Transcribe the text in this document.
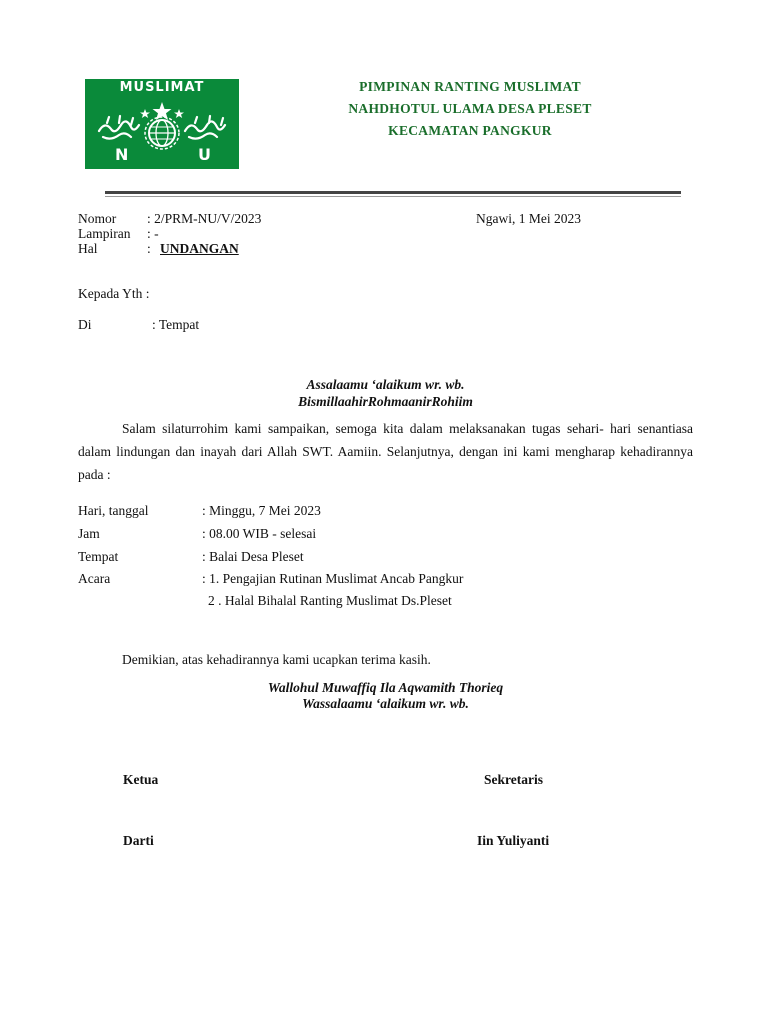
MUSLIMAT
N	U
PIMPINAN RANTING MUSLIMAT
NAHDHOTUL ULAMA DESA PLESET
KECAMATAN PANGKUR
Nomor : 2/PRM-NU/V/2023	Ngawi, 1 Mei 2023
Lampiran : -
Hal	: UNDANGAN
Kepada Yth :
Di	: Tempat
Assalaamu ‘alaikum wr. wb.
BismillaahirRohmaanirRohiim
Salam silaturrohim kami sampaikan, semoga kita dalam melaksanakan tugas sehari- hari senantiasa dalam lindungan dan inayah dari Allah SWT. Aamiin. Selanjutnya, dengan ini kami mengharap kehadirannya pada :
Hari, tanggal	: Minggu, 7 Mei 2023
Jam	: 08.00 WIB - selesai
Tempat	: Balai Desa Pleset
Acara	: 1. Pengajian Rutinan Muslimat Ancab Pangkur
2 . Halal Bihalal Ranting Muslimat Ds.Pleset
Demikian, atas kehadirannya kami ucapkan terima kasih.
Wallohul Muwaffiq Ila Aqwamith Thorieq
Wassalaamu ‘alaikum wr. wb.
Ketua	Sekretaris
Darti	Iin Yuliyanti
